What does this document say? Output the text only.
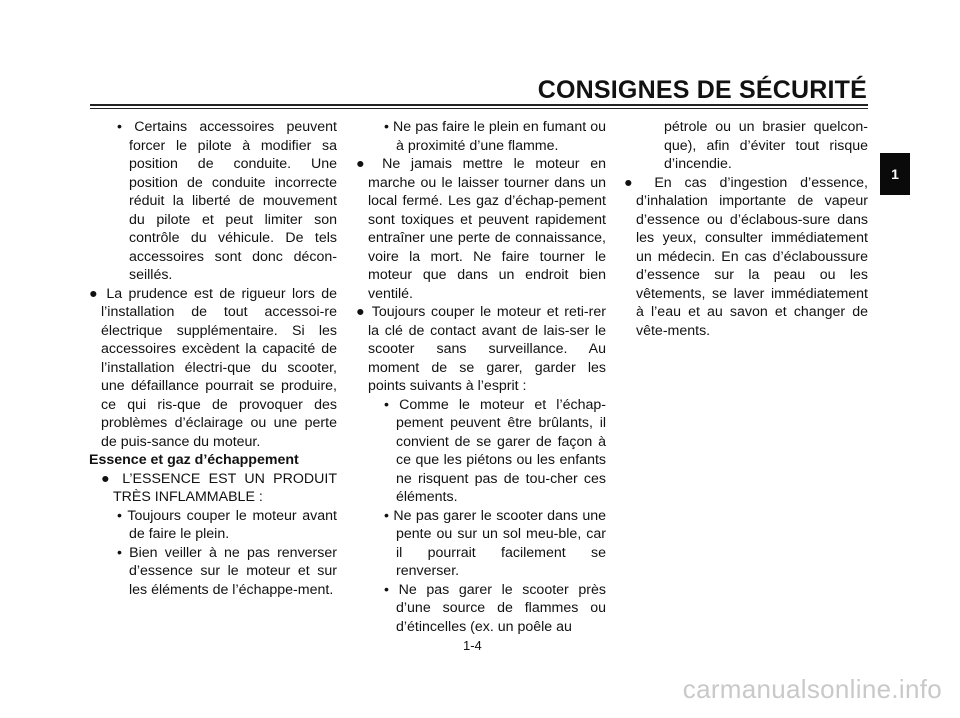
CONSIGNES DE SÉCURITÉ
1

• Certains accessoires peuvent forcer le pilote à modifier sa position de conduite. Une position de conduite incorrecte réduit la liberté de mouvement du pilote et peut limiter son contrôle du véhicule. De tels accessoires sont donc décon-seillés.

● La prudence est de rigueur lors de l’installation de tout accessoi-re électrique supplémentaire. Si les accessoires excèdent la capacité de l’installation électri-que du scooter, une défaillance pourrait se produire, ce qui ris-que de provoquer des problèmes d’éclairage ou une perte de puis-sance du moteur.

Essence et gaz d’échappement

● L’ESSENCE EST UN PRODUIT TRÈS INFLAMMABLE :

• Toujours couper le moteur avant de faire le plein.

• Bien veiller à ne pas renverser d’essence sur le moteur et sur les éléments de l’échappe-ment.

• Ne pas faire le plein en fumant ou à proximité d’une flamme.

● Ne jamais mettre le moteur en marche ou le laisser tourner dans un local fermé. Les gaz d’échap-pement sont toxiques et peuvent rapidement entraîner une perte de connaissance, voire la mort. Ne faire tourner le moteur que dans un endroit bien ventilé.

● Toujours couper le moteur et reti-rer la clé de contact avant de lais-ser le scooter sans surveillance. Au moment de se garer, garder les points suivants à l’esprit :

• Comme le moteur et l’échap-pement peuvent être brûlants, il convient de se garer de façon à ce que les piétons ou les enfants ne risquent pas de tou-cher ces éléments.

• Ne pas garer le scooter dans une pente ou sur un sol meu-ble, car il pourrait facilement se renverser.

• Ne pas garer le scooter près d’une source de flammes ou d’étincelles (ex. un poêle au

pétrole ou un brasier quelcon-que), afin d’éviter tout risque d’incendie.

● En cas d’ingestion d’essence, d’inhalation importante de vapeur d’essence ou d’éclabous-sure dans les yeux, consulter immédiatement un médecin. En cas d’éclaboussure d’essence sur la peau ou les vêtements, se laver immédiatement à l’eau et au savon et changer de vête-ments.

1-4
carmanualsonline.info
